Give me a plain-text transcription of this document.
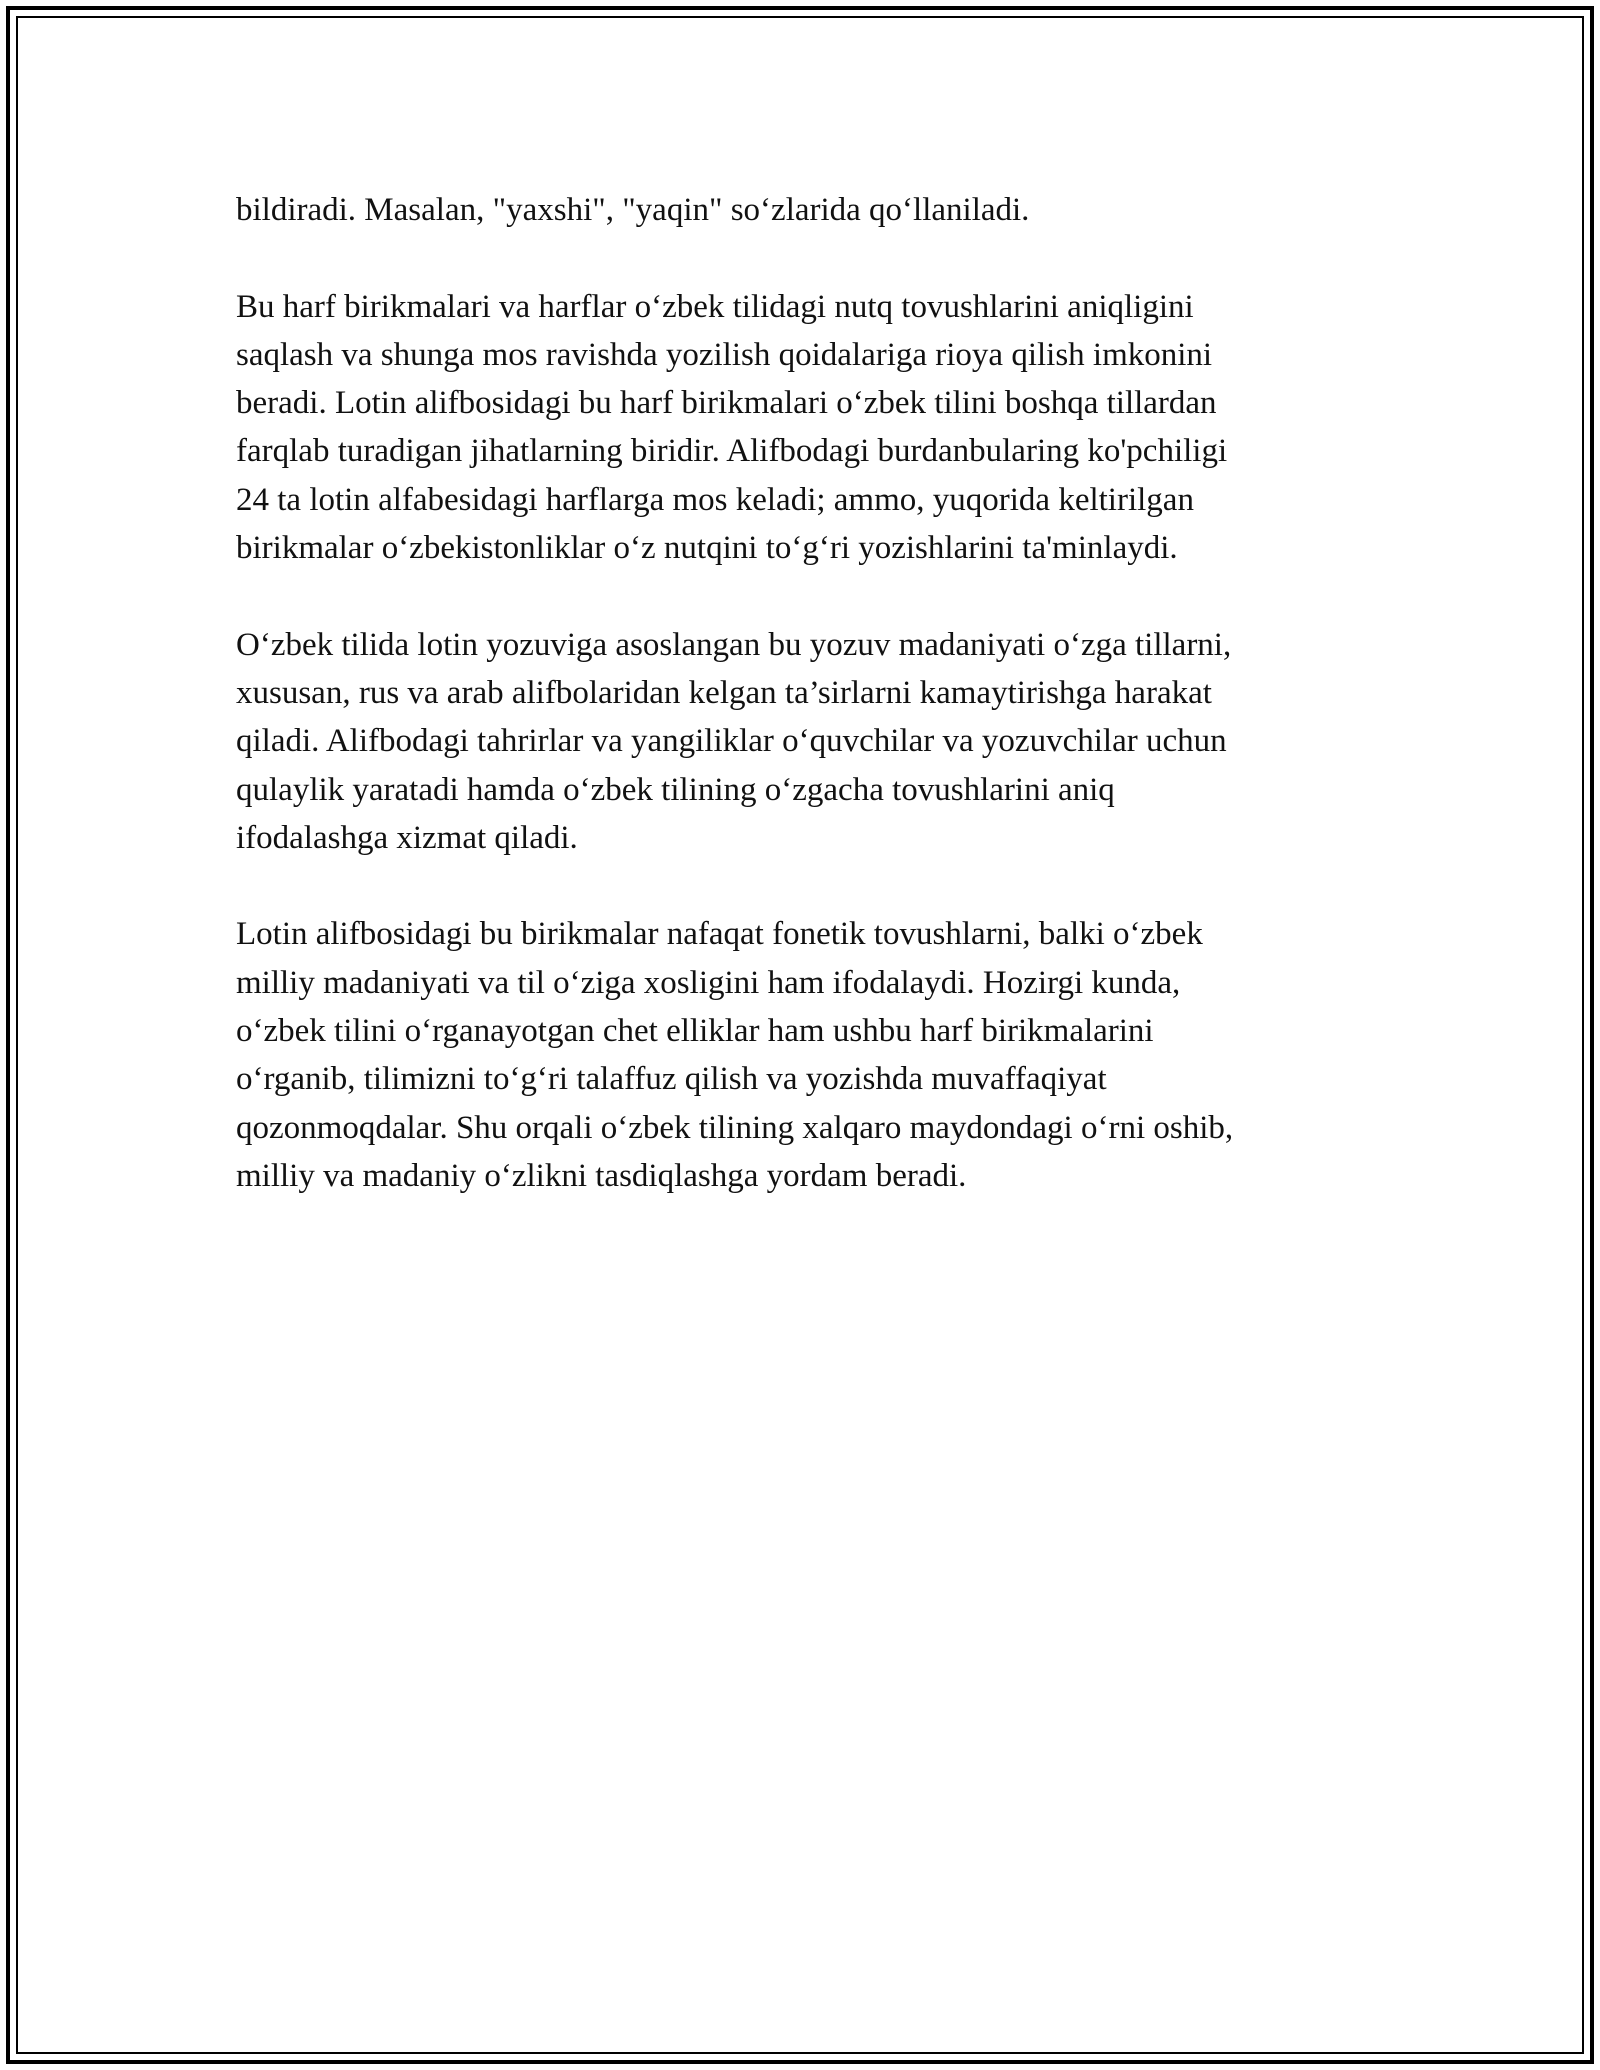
bildiradi. Masalan, "yaxshi", "yaqin" so‘zlarida qo‘llaniladi.

Bu harf birikmalari va harflar o‘zbek tilidagi nutq tovushlarini aniqligini
saqlash va shunga mos ravishda yozilish qoidalariga rioya qilish imkonini
beradi. Lotin alifbosidagi bu harf birikmalari o‘zbek tilini boshqa tillardan
farqlab turadigan jihatlarning biridir. Alifbodagi burdanbularing ko'pchiligi
24 ta lotin alfabesidagi harflarga mos keladi; ammo, yuqorida keltirilgan
birikmalar o‘zbekistonliklar o‘z nutqini to‘g‘ri yozishlarini ta'minlaydi.

O‘zbek tilida lotin yozuviga asoslangan bu yozuv madaniyati o‘zga tillarni,
xususan, rus va arab alifbolaridan kelgan ta’sirlarni kamaytirishga harakat
qiladi. Alifbodagi tahrirlar va yangiliklar o‘quvchilar va yozuvchilar uchun
qulaylik yaratadi hamda o‘zbek tilining o‘zgacha tovushlarini aniq
ifodalashga xizmat qiladi.

Lotin alifbosidagi bu birikmalar nafaqat fonetik tovushlarni, balki o‘zbek
milliy madaniyati va til o‘ziga xosligini ham ifodalaydi. Hozirgi kunda,
o‘zbek tilini o‘rganayotgan chet elliklar ham ushbu harf birikmalarini
o‘rganib, tilimizni to‘g‘ri talaffuz qilish va yozishda muvaffaqiyat
qozonmoqdalar. Shu orqali o‘zbek tilining xalqaro maydondagi o‘rni oshib,
milliy va madaniy o‘zlikni tasdiqlashga yordam beradi.
